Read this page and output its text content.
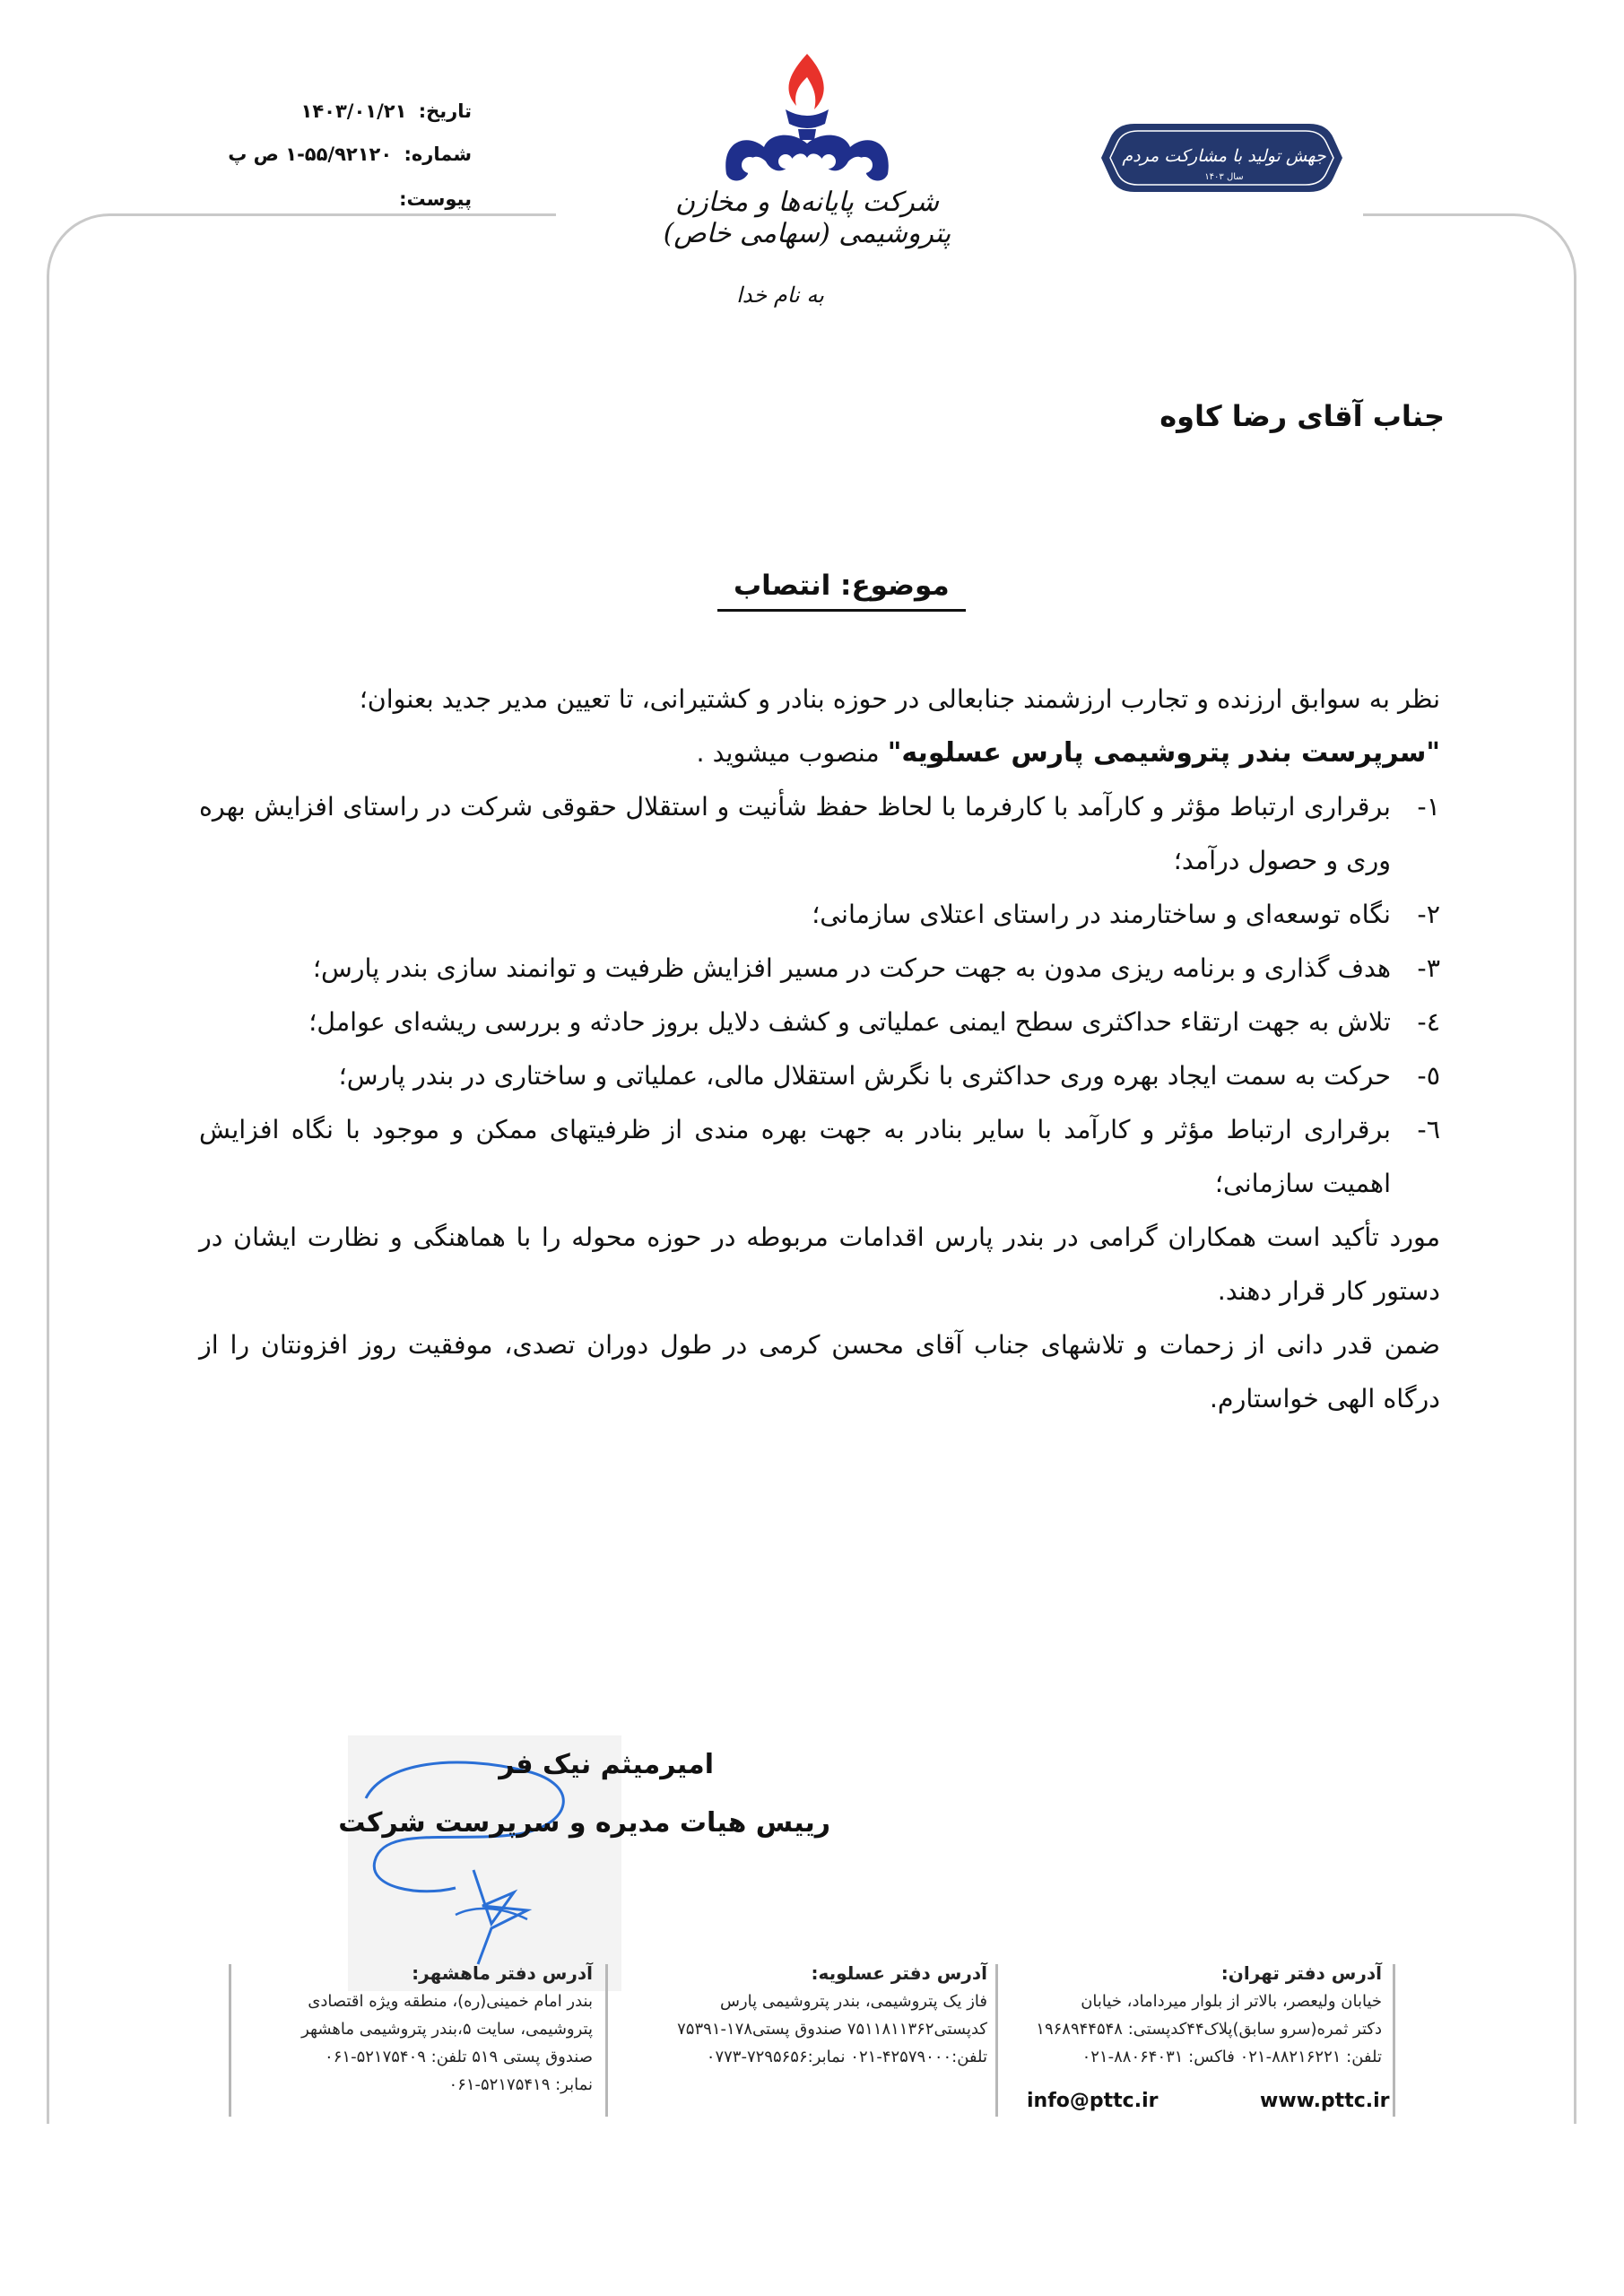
تاریخ: ۱۴۰۳/۰۱/۲۱
شماره: ۵۵/۹۲۱۲۰-۱ ص پ
پیوست:	شرکت پایانه‌ها و مخازن پتروشیمی (سهامی خاص)
جهش تولید با مشارکت مردم
سال ۱۴۰۳
به نام خدا
جناب آقای رضا کاوه
موضوع: انتصاب

نظر به سوابق ارزنده و تجارب ارزشمند جنابعالی در حوزه بنادر و کشتیرانی، تا تعیین مدیر جدید بعنوان؛
"سرپرست بندر پتروشیمی پارس عسلویه" منصوب میشوید .

۱-
برقراری ارتباط مؤثر و کارآمد با کارفرما با لحاظ حفظ شأنیت و استقلال حقوقی شرکت در راستای افزایش بهره وری و حصول درآمد؛
۲-
نگاه توسعه‌ای و ساختارمند در راستای اعتلای سازمانی؛
۳-
هدف گذاری و برنامه ریزی مدون به جهت حرکت در مسیر افزایش ظرفیت و توانمند سازی بندر پارس؛
٤-
تلاش به جهت ارتقاء حداکثری سطح ایمنی عملیاتی و کشف دلایل بروز حادثه و بررسی ریشه‌ای عوامل؛
٥-
حرکت به سمت ایجاد بهره وری حداکثری با نگرش استقلال مالی، عملیاتی و ساختاری در بندر پارس؛
٦-
برقراری ارتباط مؤثر و کارآمد با سایر بنادر به جهت بهره مندی از ظرفیتهای ممکن و موجود با نگاه افزایش اهمیت سازمانی؛

مورد تأکید است همکاران گرامی در بندر پارس اقدامات مربوطه در حوزه محوله را با هماهنگی و نظارت ایشان در دستور کار قرار دهند.

ضمن قدر دانی از زحمات و تلاشهای جناب آقای محسن کرمی در طول دوران تصدی، موفقیت روز افزونتان را از درگاه الهی خواستارم.

امیرمیثم نیک فر
رییس هیات مدیره و سرپرست شرکت
آدرس دفتر تهران:
خیابان ولیعصر، بالاتر از بلوار میرداماد، خیابان
دکتر ثمره(سرو سابق)پلاک۴۴کدپستی: ۱۹۶۸۹۴۴۵۴۸
تلفن: ۸۸۲۱۶۲۲۱-۰۲۱ فاکس: ۸۸۰۶۴۰۳۱-۰۲۱
www.pttc.ir
info@pttc.ir
آدرس دفتر عسلویه:
فاز یک پتروشیمی، بندر پتروشیمی پارس
کدپستی۷۵۱۱۸۱۱۳۶۲ صندوق پستی۱۷۸-۷۵۳۹۱
تلفن:۴۲۵۷۹۰۰۰-۰۲۱ نمابر:۷۲۹۵۶۵۶-۰۷۷۳
آدرس دفتر ماهشهر:
بندر امام خمینی(ره)، منطقه ویژه اقتصادی
پتروشیمی، سایت ۵،بندر پتروشیمی ماهشهر
صندوق پستی ۵۱۹ تلفن: ۵۲۱۷۵۴۰۹-۰۶۱
نمابر: ۵۲۱۷۵۴۱۹-۰۶۱
